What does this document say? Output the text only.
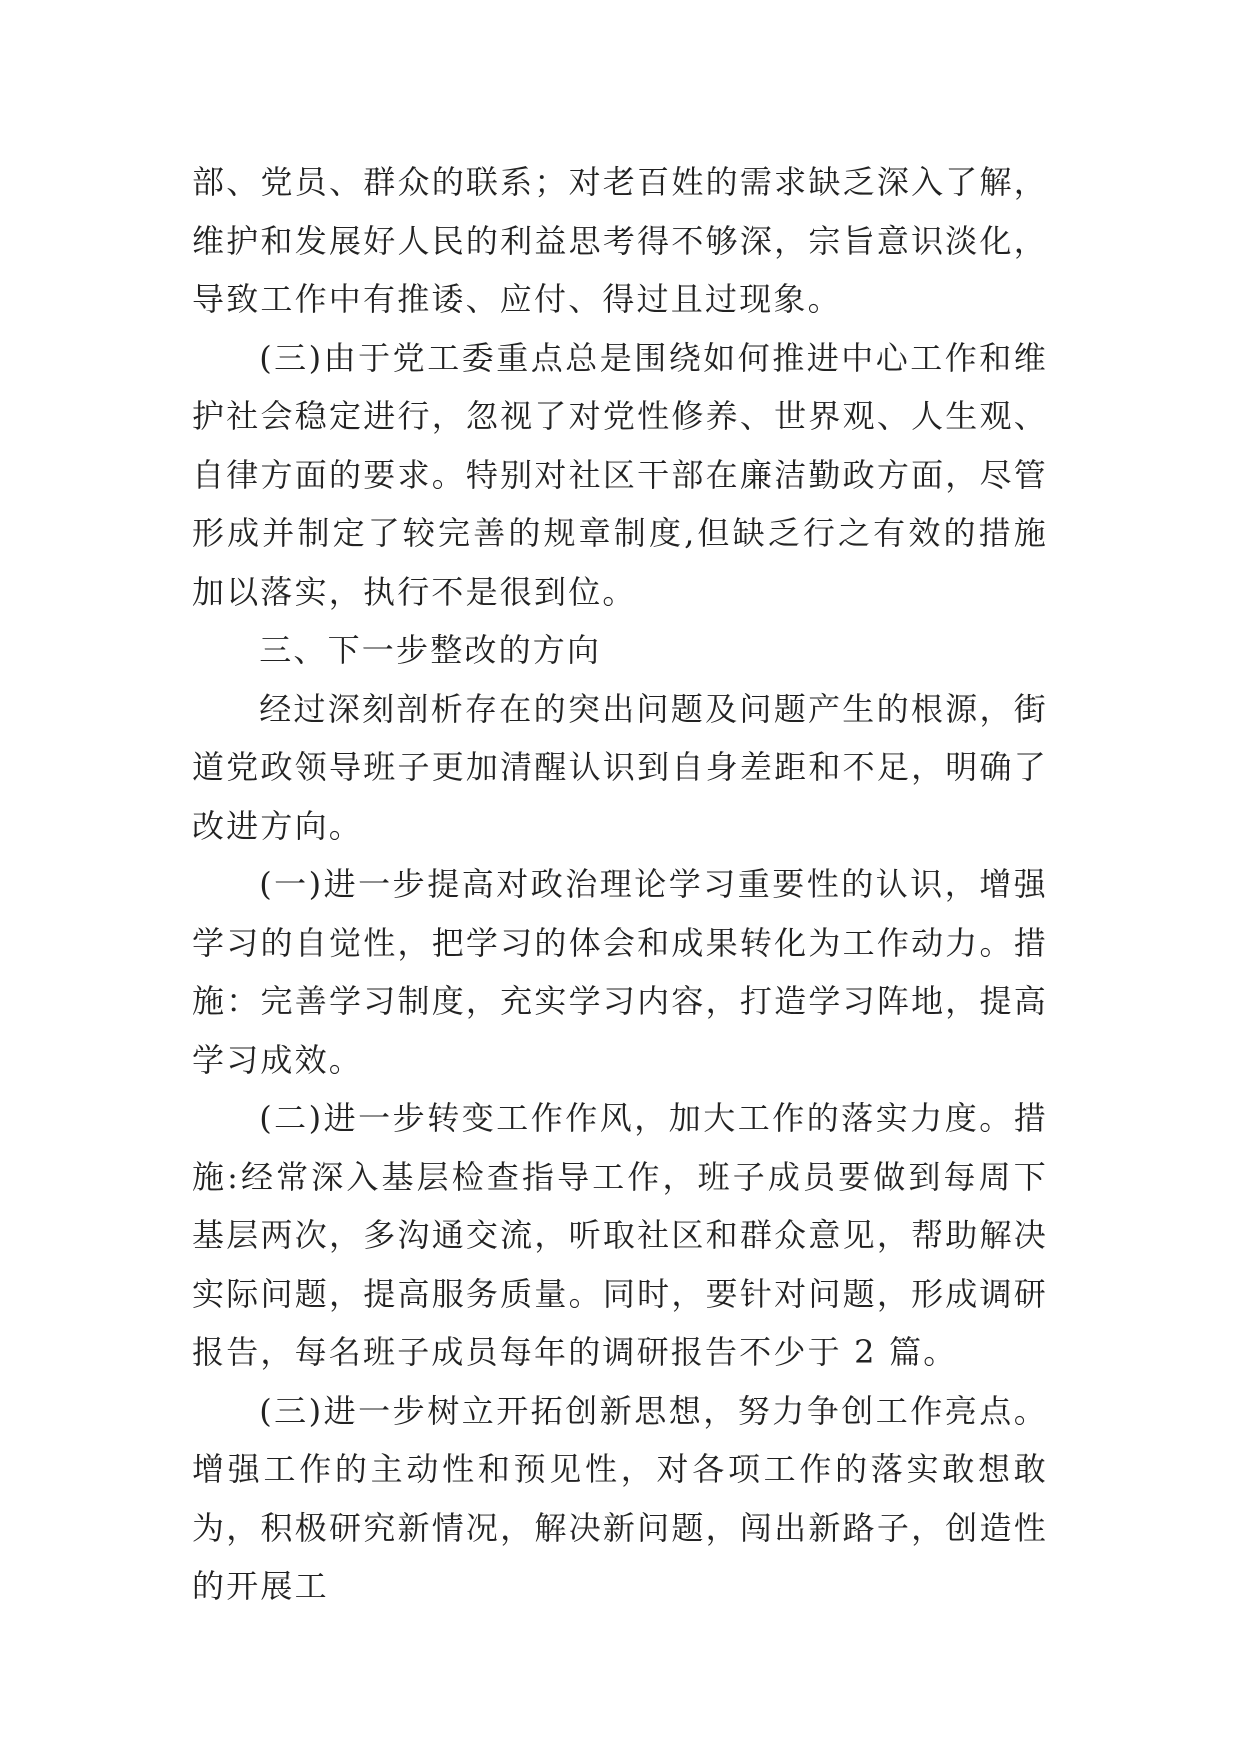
部、党员、群众的联系；对老百姓的需求缺乏深入了解，维护和发展好人民的利益思考得不够深，宗旨意识淡化，导致工作中有推诿、应付、得过且过现象。

(三)由于党工委重点总是围绕如何推进中心工作和维护社会稳定进行，忽视了对党性修养、世界观、人生观、自律方面的要求。特别对社区干部在廉洁勤政方面，尽管形成并制定了较完善的规章制度,但缺乏行之有效的措施加以落实，执行不是很到位。

三、下一步整改的方向

经过深刻剖析存在的突出问题及问题产生的根源，街道党政领导班子更加清醒认识到自身差距和不足，明确了改进方向。

(一)进一步提高对政治理论学习重要性的认识，增强学习的自觉性，把学习的体会和成果转化为工作动力。措施：完善学习制度，充实学习内容，打造学习阵地，提高学习成效。

(二)进一步转变工作作风，加大工作的落实力度。措施:经常深入基层检查指导工作，班子成员要做到每周下基层两次，多沟通交流，听取社区和群众意见，帮助解决实际问题，提高服务质量。同时，要针对问题，形成调研报告，每名班子成员每年的调研报告不少于 2 篇。

(三)进一步树立开拓创新思想，努力争创工作亮点。增强工作的主动性和预见性，对各项工作的落实敢想敢为，积极研究新情况，解决新问题，闯出新路子，创造性的开展工
